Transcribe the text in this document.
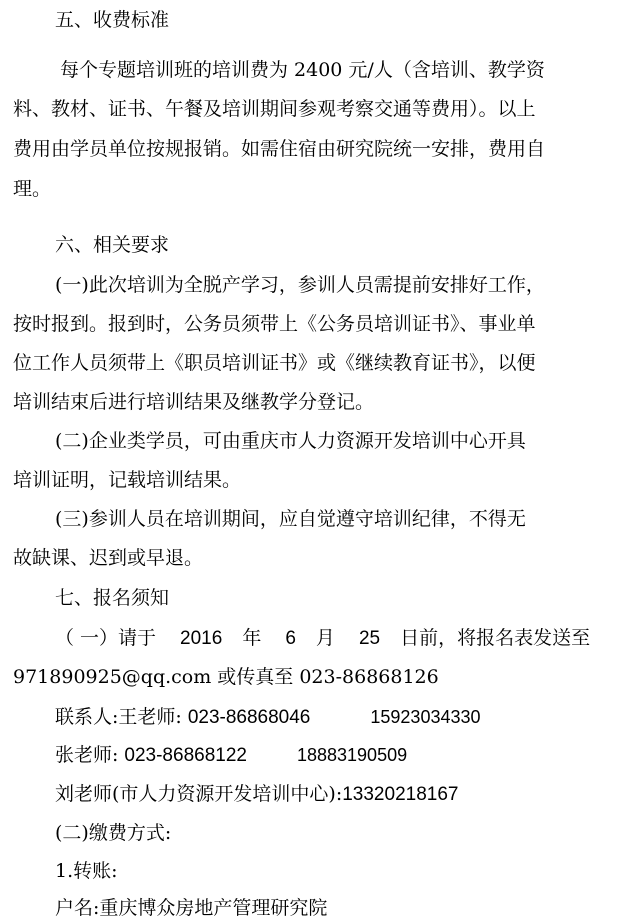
五、收费标准

每个专题培训班的培训费为 2400 元/人（含培训、教学资

料、教材、证书、午餐及培训期间参观考察交通等费用）。以上

费用由学员单位按规报销。如需住宿由研究院统一安排，费用自

理。

六、相关要求

(一)此次培训为全脱产学习，参训人员需提前安排好工作，

按时报到。报到时，公务员须带上《公务员培训证书》、事业单

位工作人员须带上《职员培训证书》或《继续教育证书》，以便

培训结束后进行培训结果及继教学分登记。

(二)企业类学员，可由重庆市人力资源开发培训中心开具

培训证明，记载培训结果。

(三)参训人员在培训期间，应自觉遵守培训纪律，不得无

故缺课、迟到或早退。

七、报名须知

（ 一）请于 2016 年 6 月 25 日前，将报名表发送至

971890925@qq.com 或传真至 023-86868126

联系人:王老师: 023-86868046	15923034330
张老师: 023-86868122	18883190509
刘老师(市人力资源开发培训中心):13320218167

(二)缴费方式:

1.转账:

户名:重庆博众房地产管理研究院
